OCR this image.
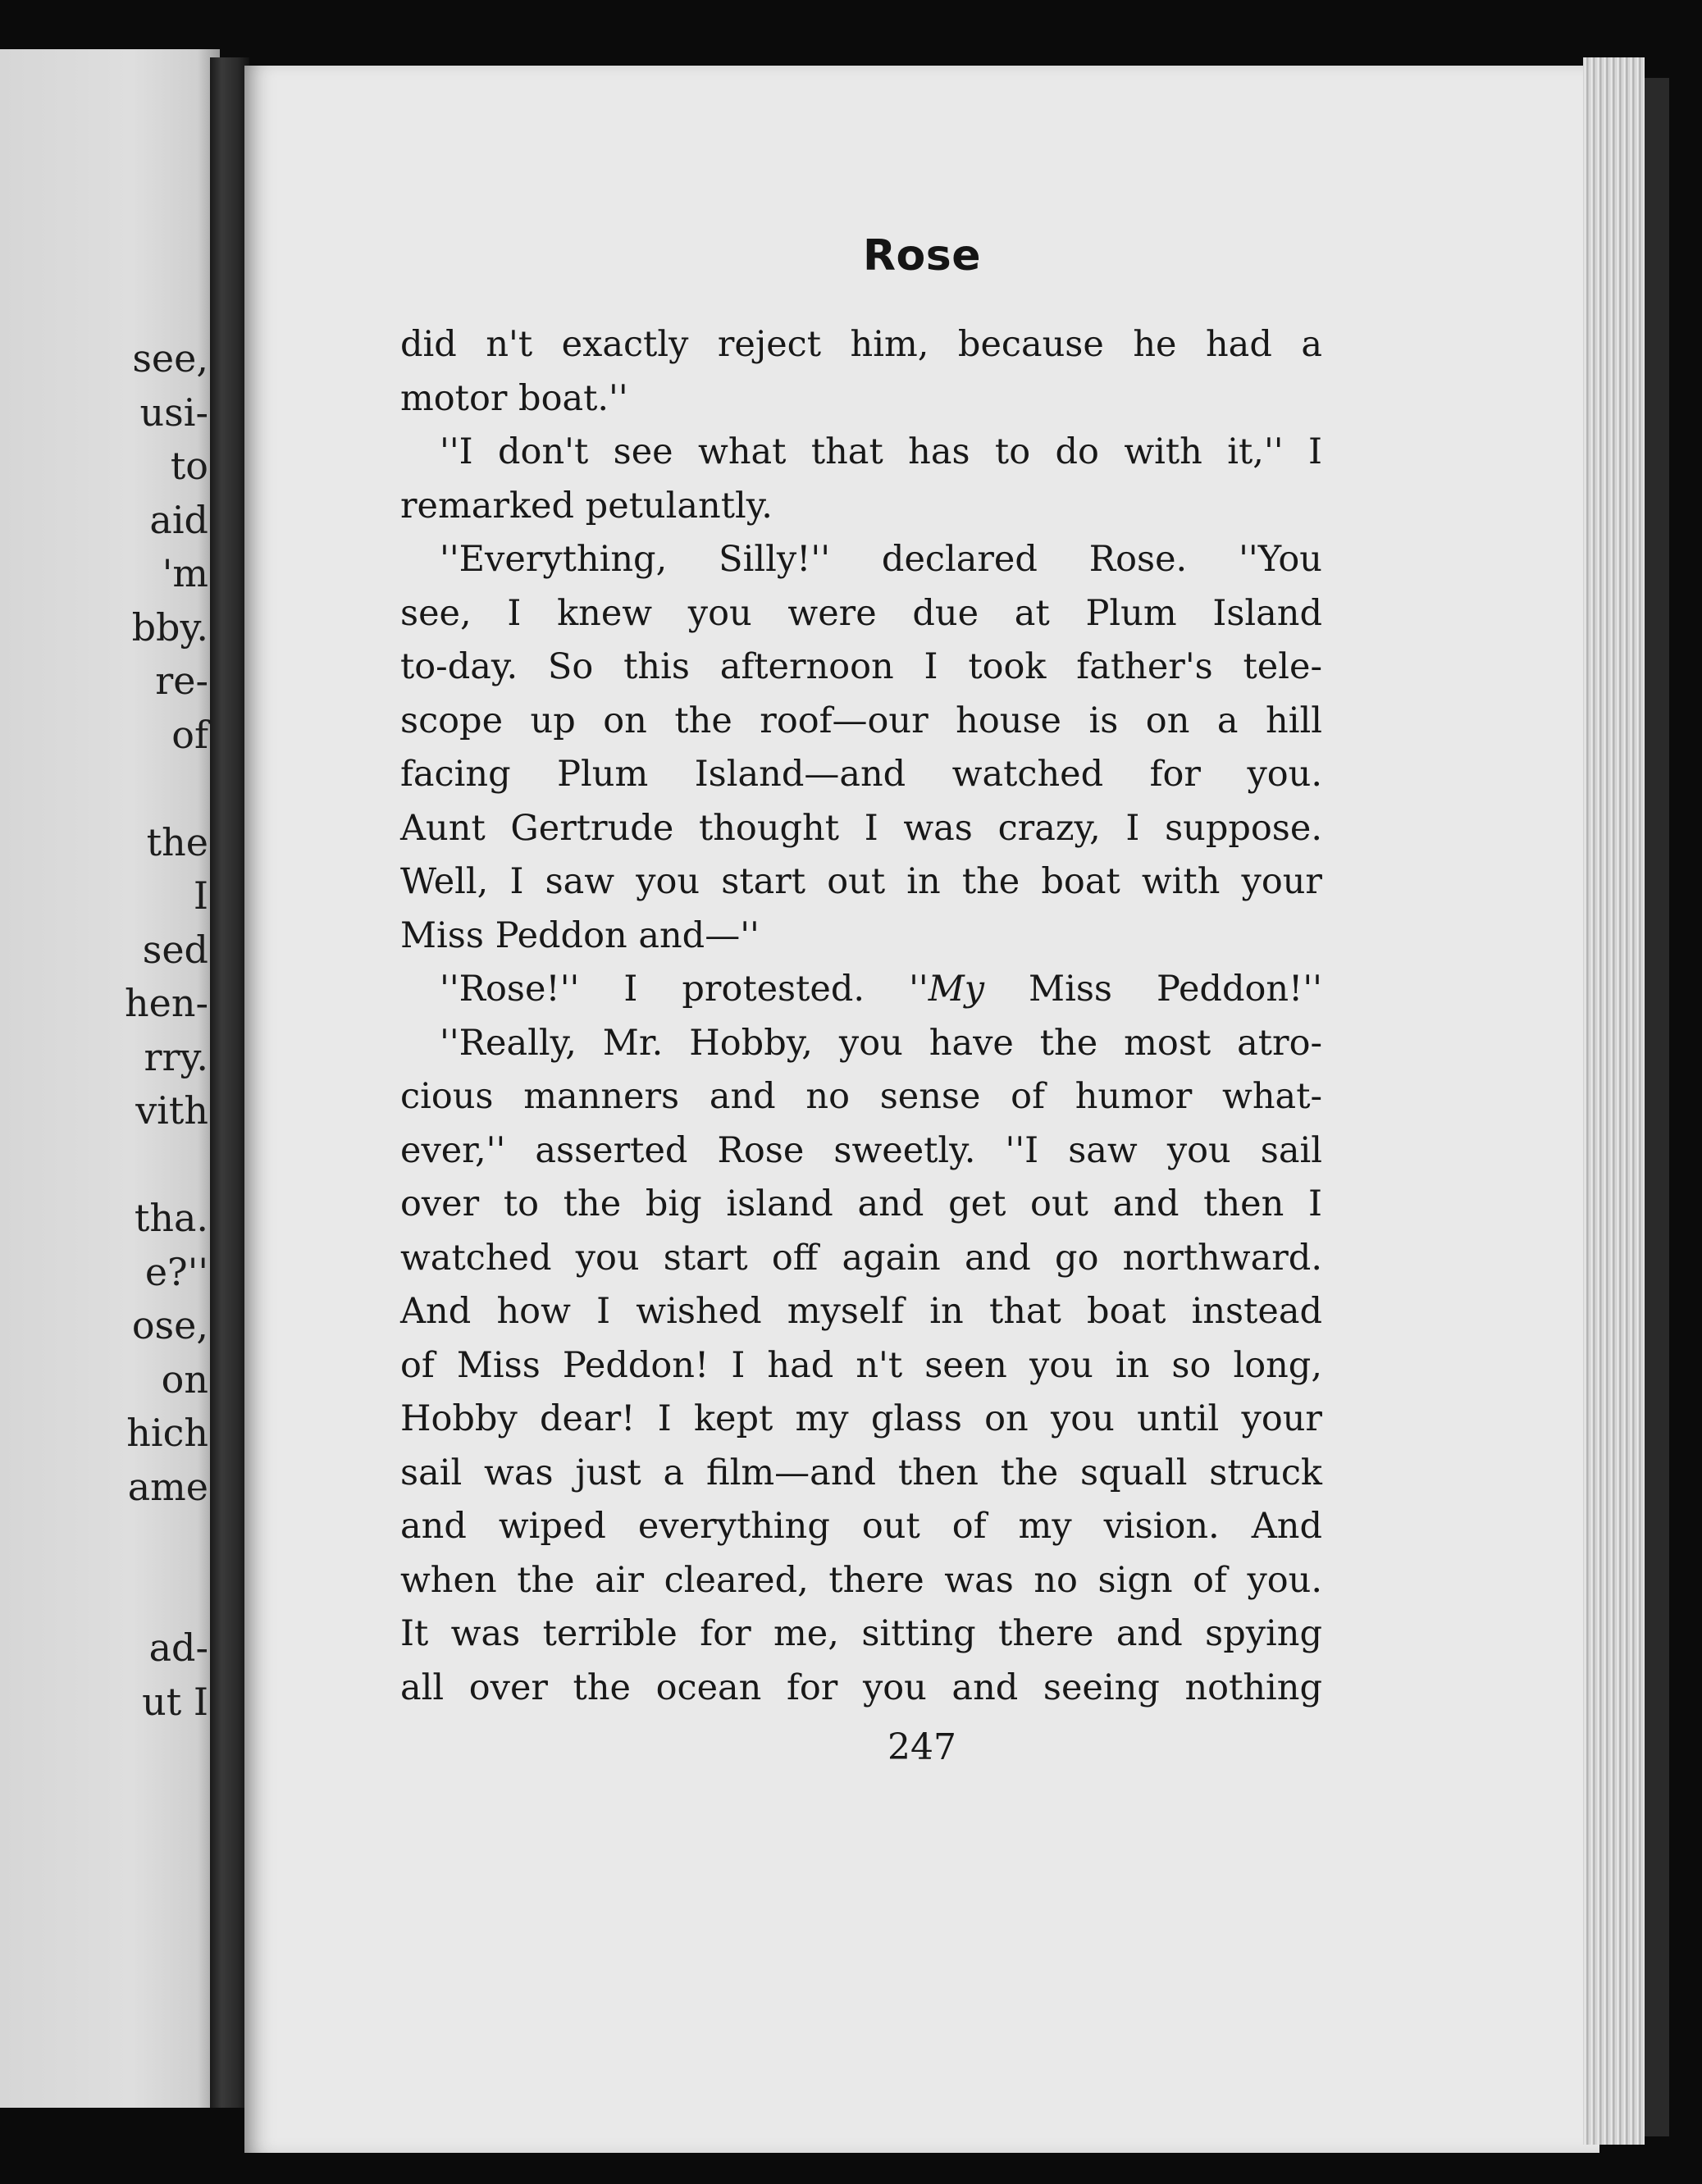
see,
usi-
to
aid
'm
bby.
re-
of
the
I
sed
hen-
rry.
vith
tha.
e?''
ose,
on
hich
ame
ad-
ut I
Rose
did n't exactly reject him, because he had a
motor boat.''
''I don't see what that has to do with it,'' I
remarked petulantly.
''Everything, Silly!'' declared Rose. ''You
see, I knew you were due at Plum Island
to-day. So this afternoon I took father's tele-
scope up on the roof—our house is on a hill
facing Plum Island—and watched for you.
Aunt Gertrude thought I was crazy, I suppose.
Well, I saw you start out in the boat with your
Miss Peddon and—''
''Rose!'' I protested. ''My Miss Peddon!''
''Really, Mr. Hobby, you have the most atro-
cious manners and no sense of humor what-
ever,'' asserted Rose sweetly. ''I saw you sail
over to the big island and get out and then I
watched you start off again and go northward.
And how I wished myself in that boat instead
of Miss Peddon! I had n't seen you in so long,
Hobby dear! I kept my glass on you until your
sail was just a film—and then the squall struck
and wiped everything out of my vision. And
when the air cleared, there was no sign of you.
It was terrible for me, sitting there and spying
all over the ocean for you and seeing nothing

247
